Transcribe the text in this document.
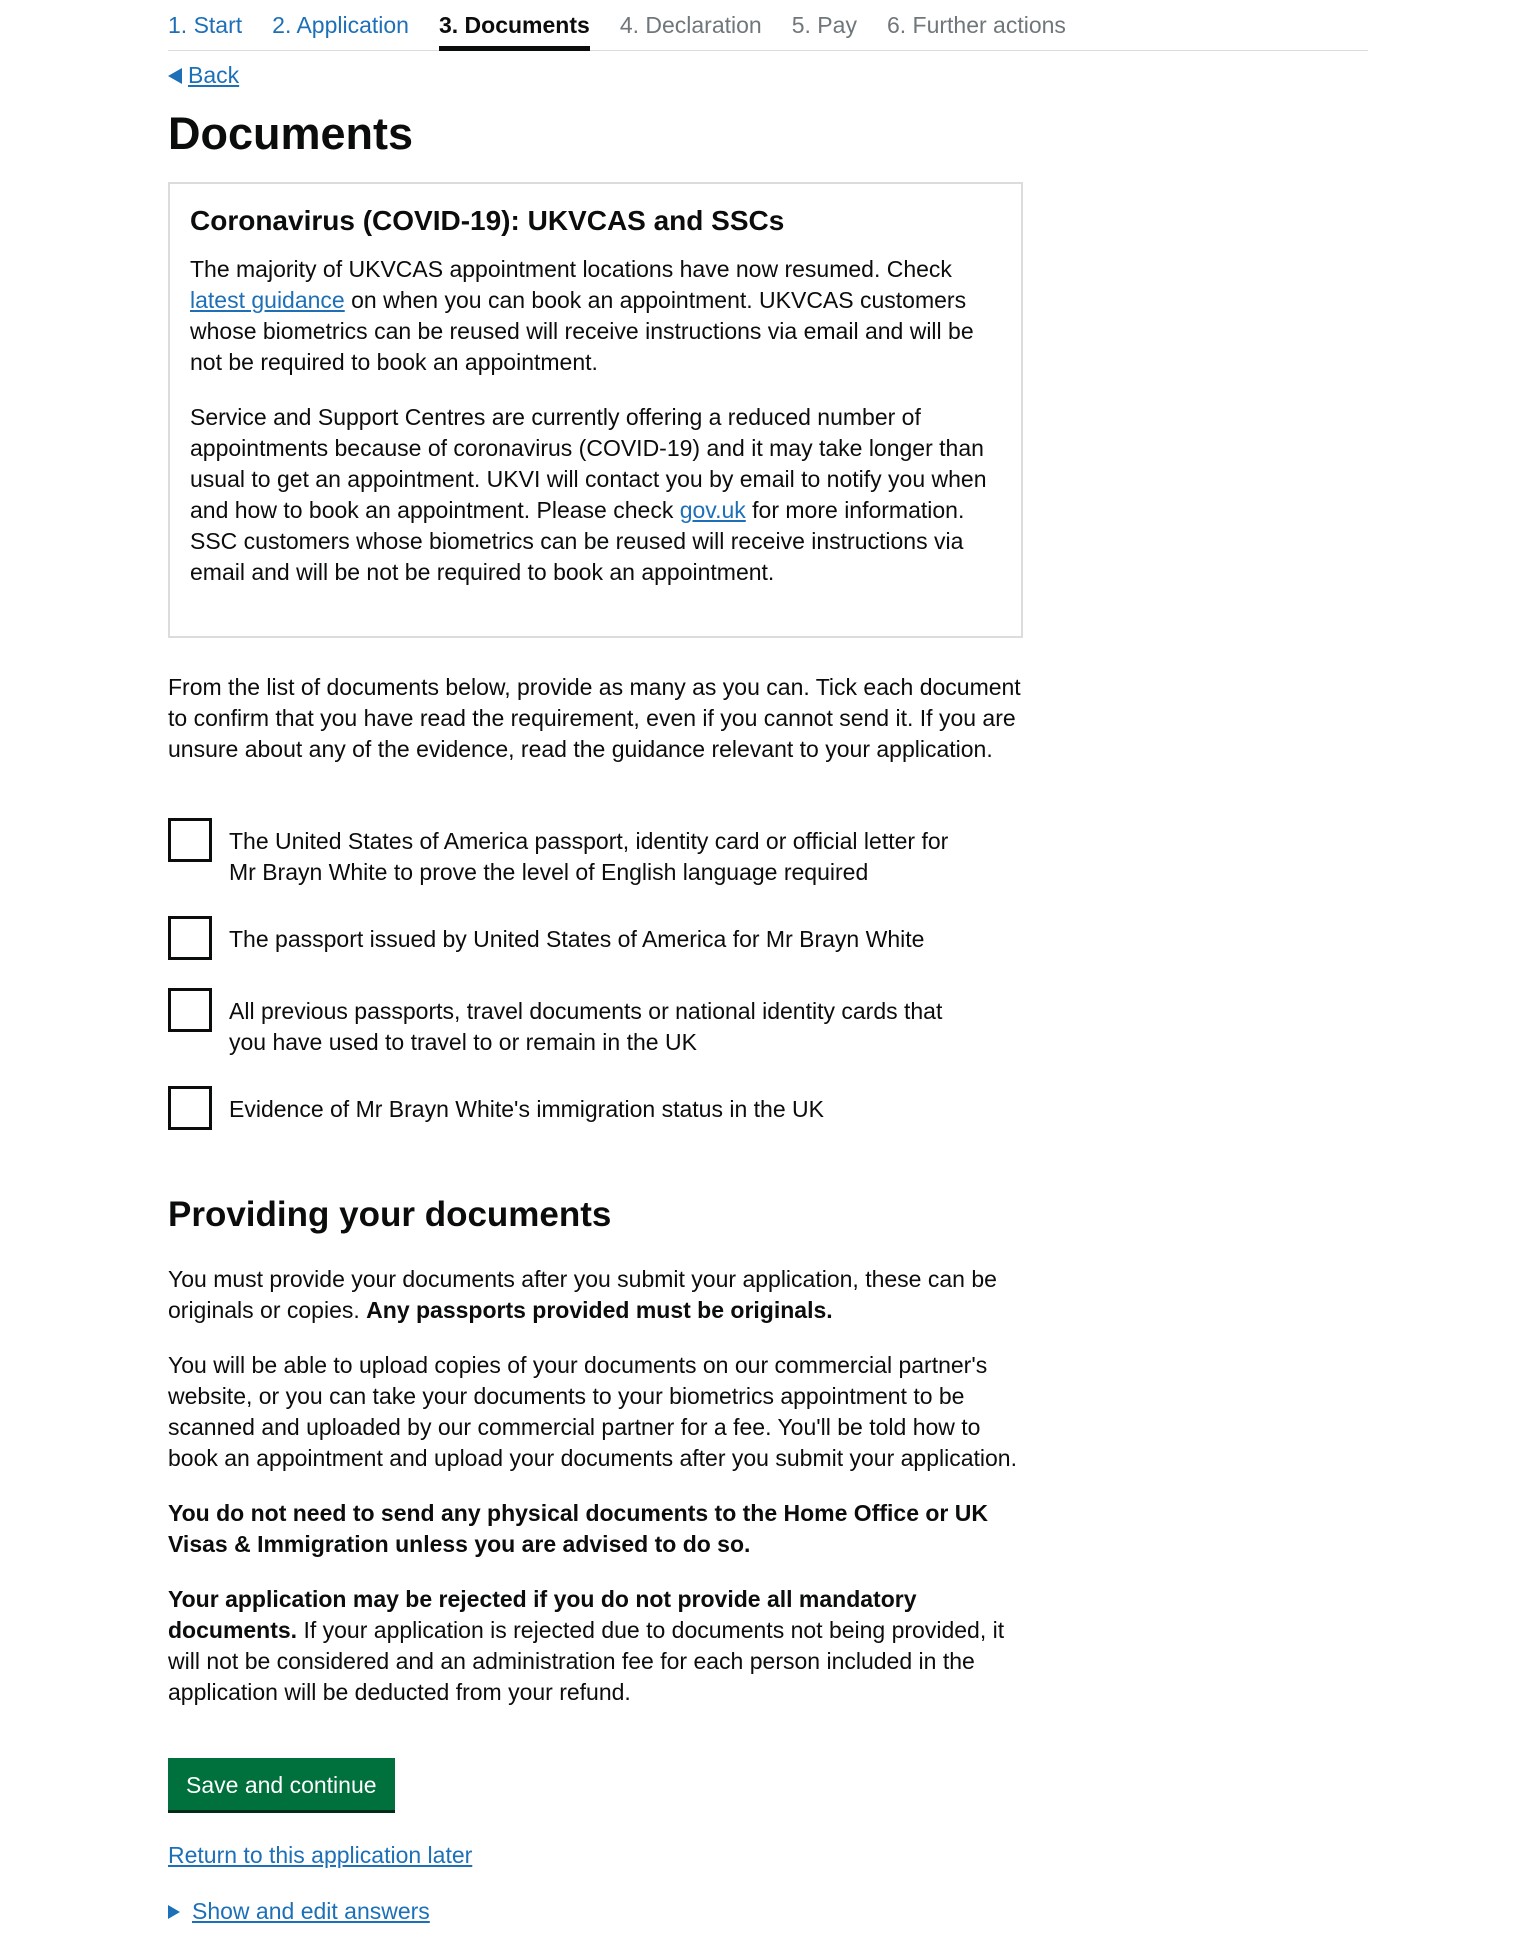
1. Start 2. Application 3. Documents 4. Declaration 5. Pay 6. Further actions
Back
Documents
Coronavirus (COVID-19): UKVCAS and SSCs

The majority of UKVCAS appointment locations have now resumed. Check latest guidance on when you can book an appointment. UKVCAS customers whose biometrics can be reused will receive instructions via email and will be not be required to book an appointment.

Service and Support Centres are currently offering a reduced number of appointments because of coronavirus (COVID-19) and it may take longer than usual to get an appointment. UKVI will contact you by email to notify you when and how to book an appointment. Please check gov.uk for more information. SSC customers whose biometrics can be reused will receive instructions via email and will be not be required to book an appointment.

From the list of documents below, provide as many as you can. Tick each document to confirm that you have read the requirement, even if you cannot send it. If you are unsure about any of the evidence, read the guidance relevant to your application.

The United States of America passport, identity card or official letter for Mr Brayn White to prove the level of English language required
The passport issued by United States of America for Mr Brayn White
All previous passports, travel documents or national identity cards that you have used to travel to or remain in the UK
Evidence of Mr Brayn White's immigration status in the UK
Providing your documents

You must provide your documents after you submit your application, these can be originals or copies. Any passports provided must be originals.

You will be able to upload copies of your documents on our commercial partner's website, or you can take your documents to your biometrics appointment to be scanned and uploaded by our commercial partner for a fee. You'll be told how to book an appointment and upload your documents after you submit your application.

You do not need to send any physical documents to the Home Office or UK Visas & Immigration unless you are advised to do so.

Your application may be rejected if you do not provide all mandatory documents. If your application is rejected due to documents not being provided, it will not be considered and an administration fee for each person included in the application will be deducted from your refund.

Save and continue
Return to this application later
Show and edit answers
